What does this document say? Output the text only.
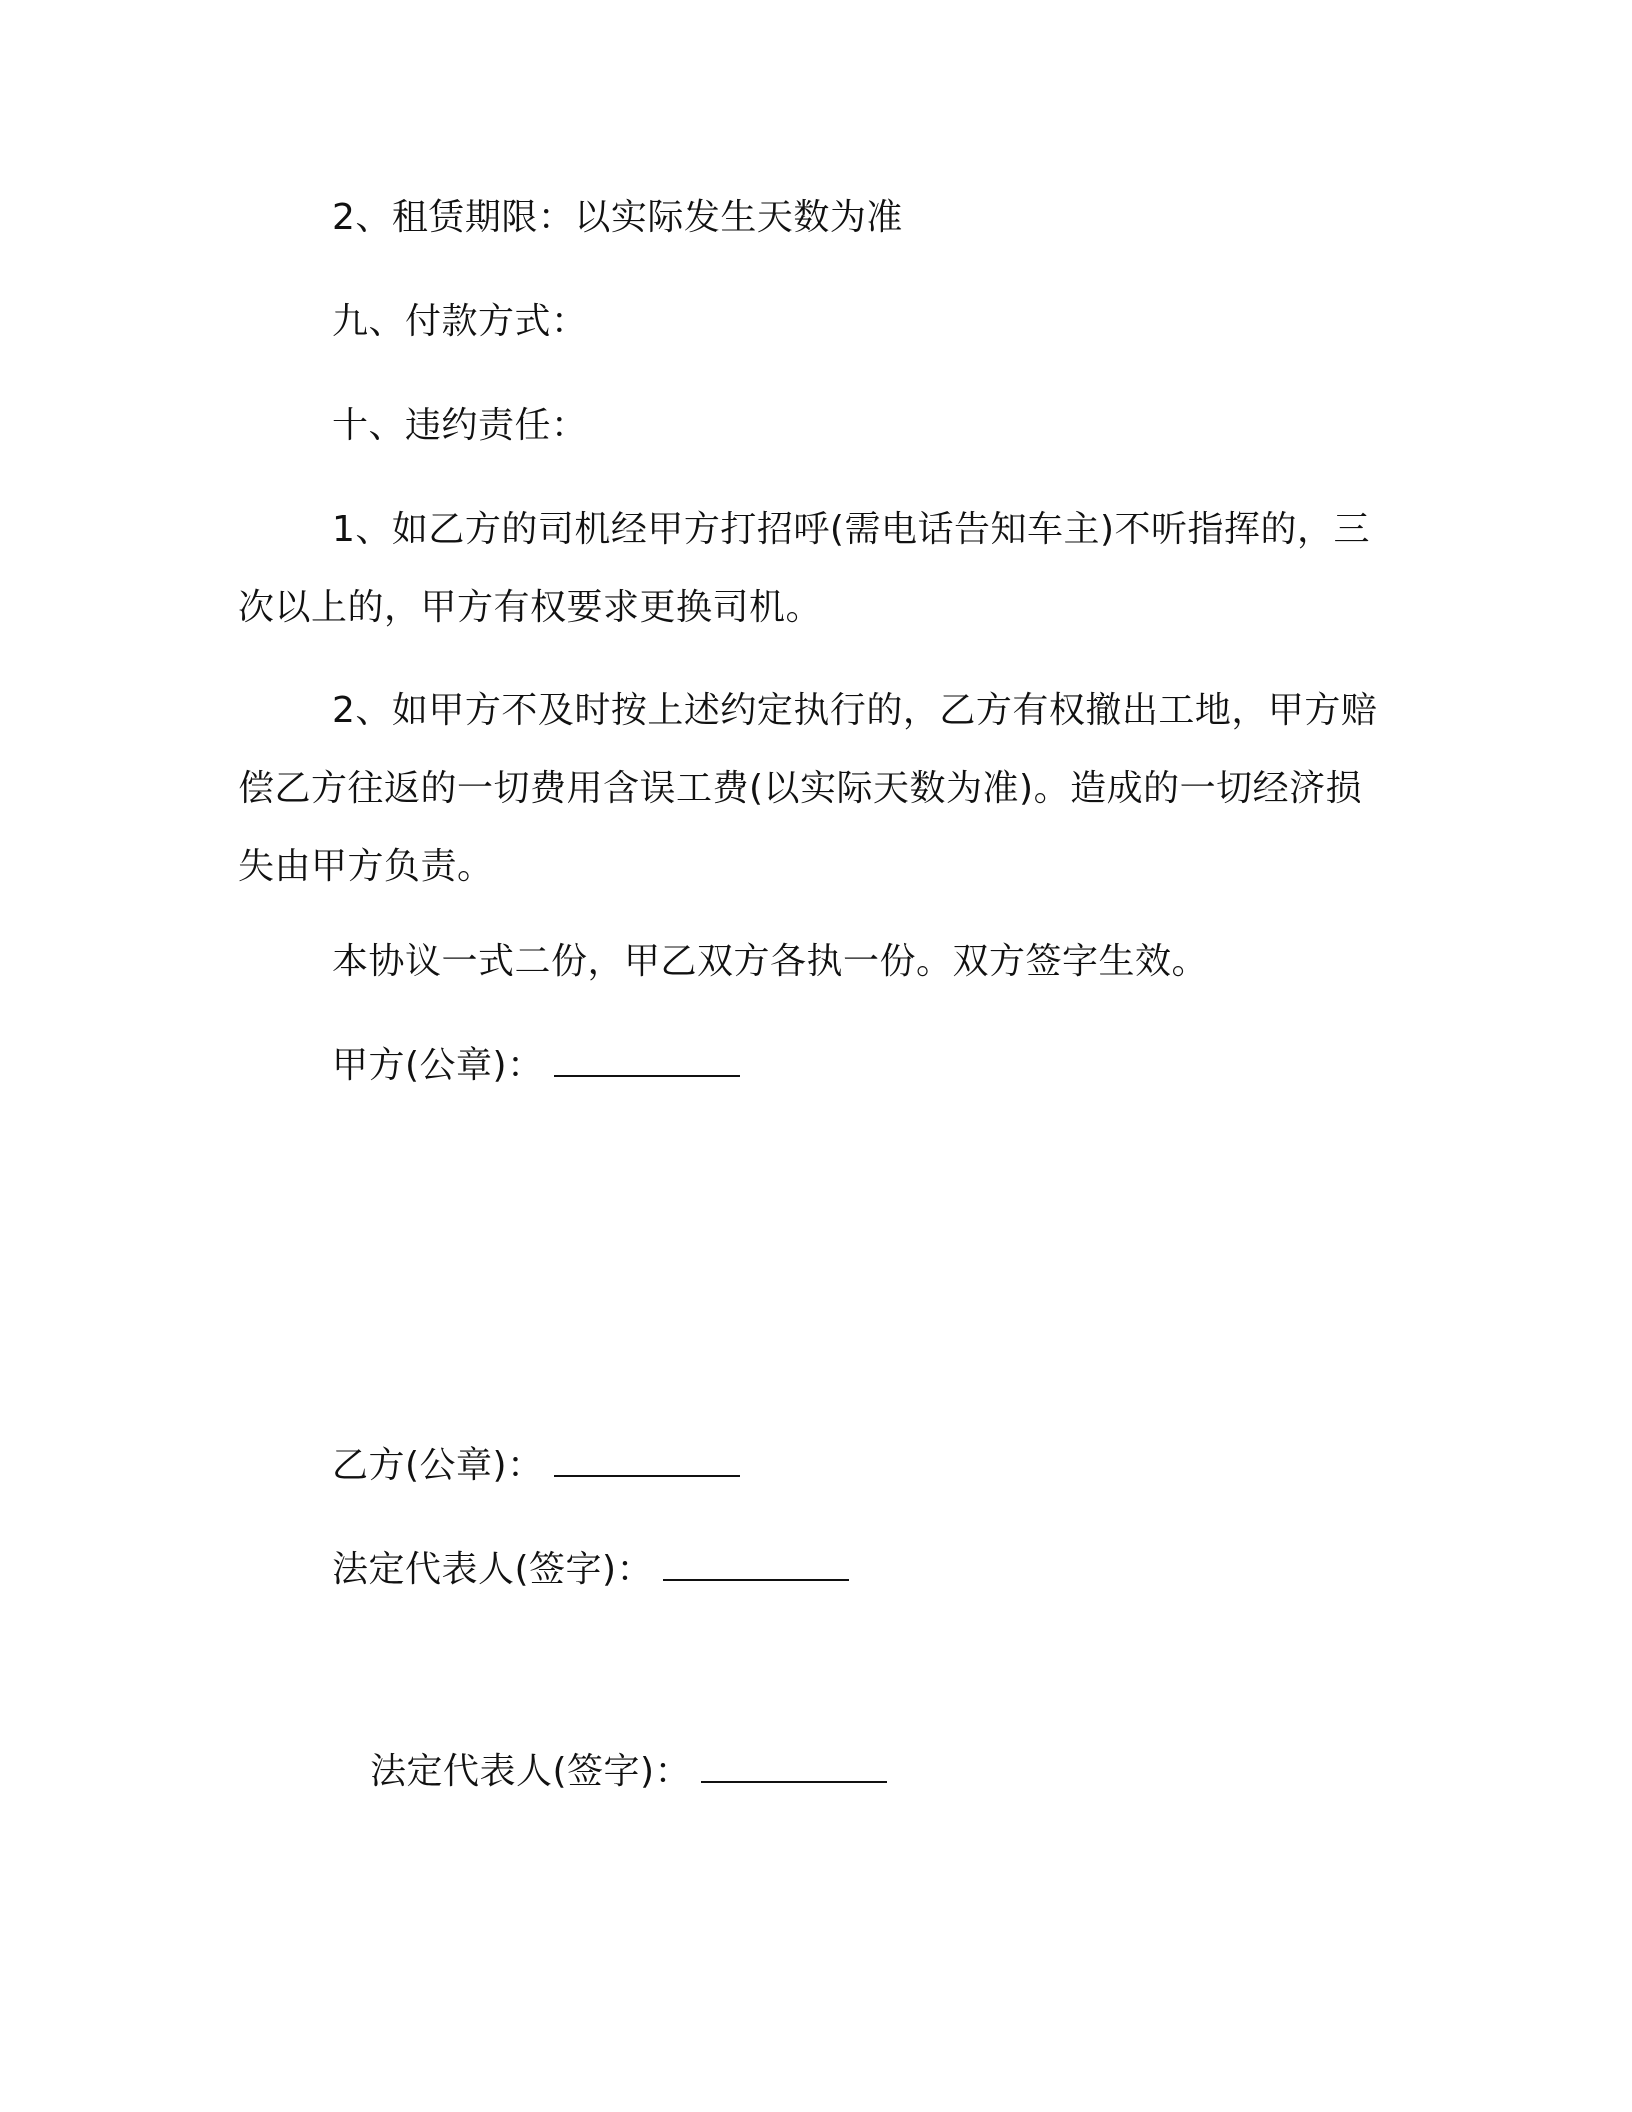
2、租赁期限：以实际发生天数为准
九、付款方式：
十、违约责任：
1、如乙方的司机经甲方打招呼(需电话告知车主)不听指挥的，三次以上的，甲方有权要求更换司机。
2、如甲方不及时按上述约定执行的，乙方有权撤出工地，甲方赔偿乙方往返的一切费用含误工费(以实际天数为准)。造成的一切经济损失由甲方负责。
本协议一式二份，甲乙双方各执一份。双方签字生效。
甲方(公章)：
乙方(公章)：
法定代表人(签字)：
法定代表人(签字)：
